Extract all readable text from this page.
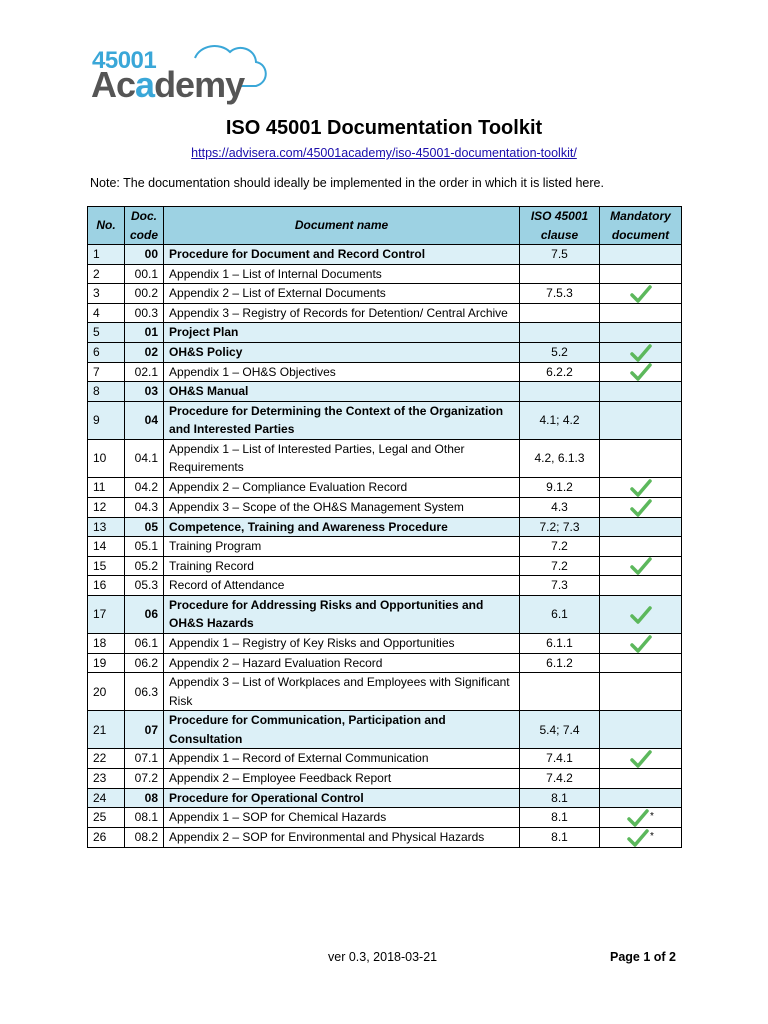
45001
Academy
ISO 45001 Documentation Toolkit
https://advisera.com/45001academy/iso-45001-documentation-toolkit/
Note: The documentation should ideally be implemented in the order in which it is listed here.
No.	Doc. code	Document name	ISO 45001 clause	Mandatory document
1	00	Procedure for Document and Record Control	7.5	
2	00.1	Appendix 1 – List of Internal Documents		
3	00.2	Appendix 2 – List of External Documents	7.5.3	
4	00.3	Appendix 3 – Registry of Records for Detention/ Central Archive		
5	01	Project Plan		
6	02	OH&S Policy	5.2	
7	02.1	Appendix 1 – OH&S Objectives	6.2.2	
8	03	OH&S Manual		
9	04	Procedure for Determining the Context of the Organization and Interested Parties	4.1; 4.2	
10	04.1	Appendix 1 – List of Interested Parties, Legal and Other Requirements	4.2, 6.1.3	
11	04.2	Appendix 2 – Compliance Evaluation Record	9.1.2	
12	04.3	Appendix 3 – Scope of the OH&S Management System	4.3	
13	05	Competence, Training and Awareness Procedure	7.2; 7.3	
14	05.1	Training Program	7.2	
15	05.2	Training Record	7.2	
16	05.3	Record of Attendance	7.3	
17	06	Procedure for Addressing Risks and Opportunities and OH&S Hazards	6.1	
18	06.1	Appendix 1 – Registry of Key Risks and Opportunities	6.1.1	
19	06.2	Appendix 2 – Hazard Evaluation Record	6.1.2	
20	06.3	Appendix 3 – List of Workplaces and Employees with Significant Risk		
21	07	Procedure for Communication, Participation and Consultation	5.4; 7.4	
22	07.1	Appendix 1 – Record of External Communication	7.4.1	
23	07.2	Appendix 2 – Employee Feedback Report	7.4.2	
24	08	Procedure for Operational Control	8.1	
25	08.1	Appendix 1 – SOP for Chemical Hazards	8.1	*
26	08.2	Appendix 2 – SOP for Environmental and Physical Hazards	8.1	*
ver 0.3, 2018-03-21	Page 1 of 2
